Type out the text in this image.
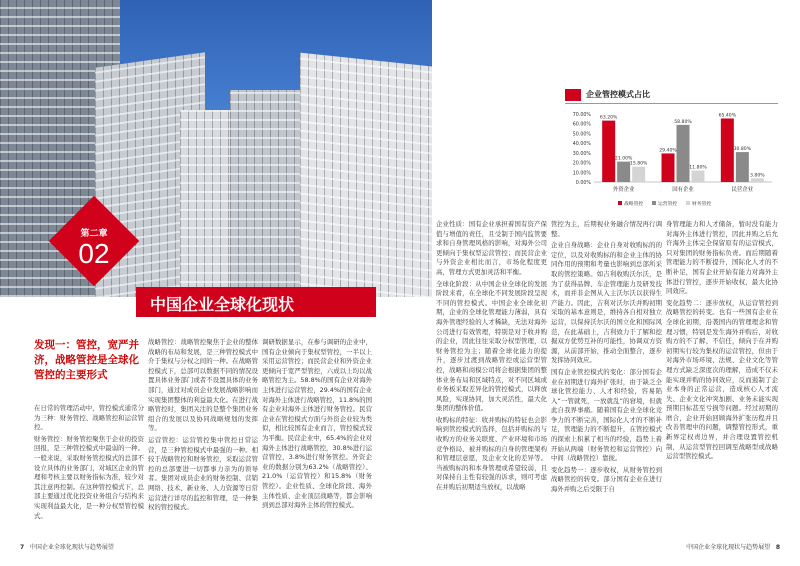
第二章
02
中国企业全球化现状
发现一：管控，宽严并济，战略管控是全球化管控的主要形式

在日常的管理活动中，管控模式通常分为三种：财务管控、战略管控和运营管控。

财务管控：财务管控聚焦于企业的投资回报，是三种管控模式中最弱的一种。一般来说，采取财务管控模式的总部不设立具体的业务部门，对域区企业的管理和考核主要以财务指标为准，较少对其注意再控制。在这种管控模式下，总部主要通过优化投资业务组合与结构来实现利益最大化，是一种分权型管控模式。

战略管控：战略管控聚焦于企业的整体战略的布局和发展，是三种管控模式中介于集权与分权之间的一种。在战略管控模式下，总部可以数据不同的情况设置具体业务部门或者不设置具体的业务部门，通过对成员企业发展战略影响而实现集团整体的利益最大化。在进行战略管控时，集团关注的是整个集团业务组合的发展以及协同战略规划的发挥等。

运营管控：运营管控集中管控日常运营，是三种管控模式中最强的一种。相较于战略管控和财务管控，采取运营管控的总部要进一切都事力亲为的领导者。集团对成员企业的财务控制、营销网络、技术、新业务、人力资源等日常运营进行详尽的监控和管理，是一种集权的管控模式。

调研数据显示，在参与调研的企业中，国有企业倾向于集权型管控，一半以上采用运营管控；而民营企业和外资企业更倾向于宽严型管控，六成以上均以战略管控为主。58.8%的国有企业对海外主体进行运营管控，29.4%的国有企业对海外主体进行战略管控，11.8%的国有企业对海外主体进行财务管控。民营企业在管控模式方面与外资企业较为类似，相比较国有企业而言，管控模式较为平衡。民营企业中，65.4%的企业对海外主体进行战略管控，30.8%进行运营管控，3.8%进行财务管控。外资企业的数据分别为63.2%（战略管控）、21.0%（运营管控）和15.8%（财务管控）。企业性质、全球化阶段、海外主体性质、企业顶层战略等，都会影响到到总部对海外主体的管控模式。

企业性质：国有企业承担着国有资产保值与增值的责任，且受制于国内监管要求和自身管理风格的影响，对海外公司更倾向于集权型运营管控；而民营企业与外资企业相比而言，市场化程度更高，管理方式更加灵活和平衡。

全球化阶段：从中国企业全球化的发展阶段来看，在全球化不同发展阶段呈现不同的管控模式。中国企业全球化初期，企业的全球化管理能力薄弱，具有海外管理经验的人才稀缺，无法对海外公司进行有效管理，特别是对于收并购的企业，因此往往采取分权型管理，以财务管控为主；随着全球化能力的提升，逐步过渡到战略管控或运营型管控，战略和商模公司将会根据集团的整体业务布局和区域特点，对不同区域或业务板采取差异化的管控模式，以释放风险，实现协同，加大灵活性，最大化集团的整体价值。

收购标的特征：收并购标的特征也会影响到管控模式的选择，包括并购标的与收购方的业务关联度、产业环境和市场竞争格局、被并购标的自身的管理架构和管理层意愿，及企业文化的差异等。当被购标的和本身管理或希望较弱，且对保持自主性有较强的诉求，则可考虑在并购后初期适当放权，以战略

管控为主，后期视业务融合情况再行调整。

企业自身战略：企业自身对收购标的的定位，以及对收购标的和企业主体的协同作用的预期和考量也影响到总部所采取的管控策略。如吉利收购沃尔沃，是为了获得品牌、车企管理能力及研发技术，而并非企图从入主沃尔沃以获得生产能力。因此，吉利对沃尔沃并购初期采取的基本意则是，维持各自相对独立运营，以保持沃尔沃的国立化和国际风范，在此基础上，吉利致力于了解和挖掘双方优势互补的可能性，协调双方资源，从前部开始，推动全面整合，逐步发挥协同效应。

国有企业管控模式的变化：部分国有企业在初期进行海外扩张时，由于缺乏全球化管控能力、人才和经验，容易陷入“一管就死，一放就乱”的窘境，但就此自我界事痛。随着国有企业全球化竞争力的不断完善，国际化人才的不断补足，管理能力的不断提升，在管控模式的探索上积累了相当的经验，趋势上着开始从两端（财务管控和运营管控）向中间（战略管控）靠拢。

变化趋势一：逐步收权，从财务管控到战略管控的转变。部分国有企业在进行海外并购之后受限于自

身管理能力和人才储备，暂时没有能力对海外主体进行管控，因此并购之后允许海外主体完全保留原有的运营模式，只对集团的财务指标负责。而后期随着管理能力的不断提升，国际化人才的不断补足，国有企业开始有能力对海外主体进行管控，逐步开始收权，最大化协同效应。

变化趋势二：逐步放权，从运营管控到战略管控的转变。也有一些国有企业在全球化初期，沿袭国内的管理理念和管理习惯，特别是发生海外并购后，对收购方的不了解、不信任，倾向于在并购初期实行较为集权的运营管控，但由于对海外市场环境、法规、企业文化等管理方式缺乏深度次的理解，造成不仅未能实现并购的协同效应，反而遏制了企业本身的正常运营，造成核心人才流失、企业文化冲突加剧、业务未能实现预期目标甚至亏损等问题。经过初期的磨合，企业开始回顾海外扩张历程并且改善管理中的问题，调整管控形式，重新界定权责边界，并合理设置管控机制，从运营型管控回调至战略型或战略运营型管控模式。

企业管控模式占比
0.00%
10.00%
20.00%
30.00%
40.00%
50.00%
60.00%
70.00%
63.20%
21.00%
15.80%
外资企业
29.40%
58.80%
11.80%
国有企业
65.40%
30.80%
3.80%
民营企业
战略管控	运营管控	财务管控
7 中国企业全球化现状与趋势展望	中国企业全球化现状与趋势展望 8
